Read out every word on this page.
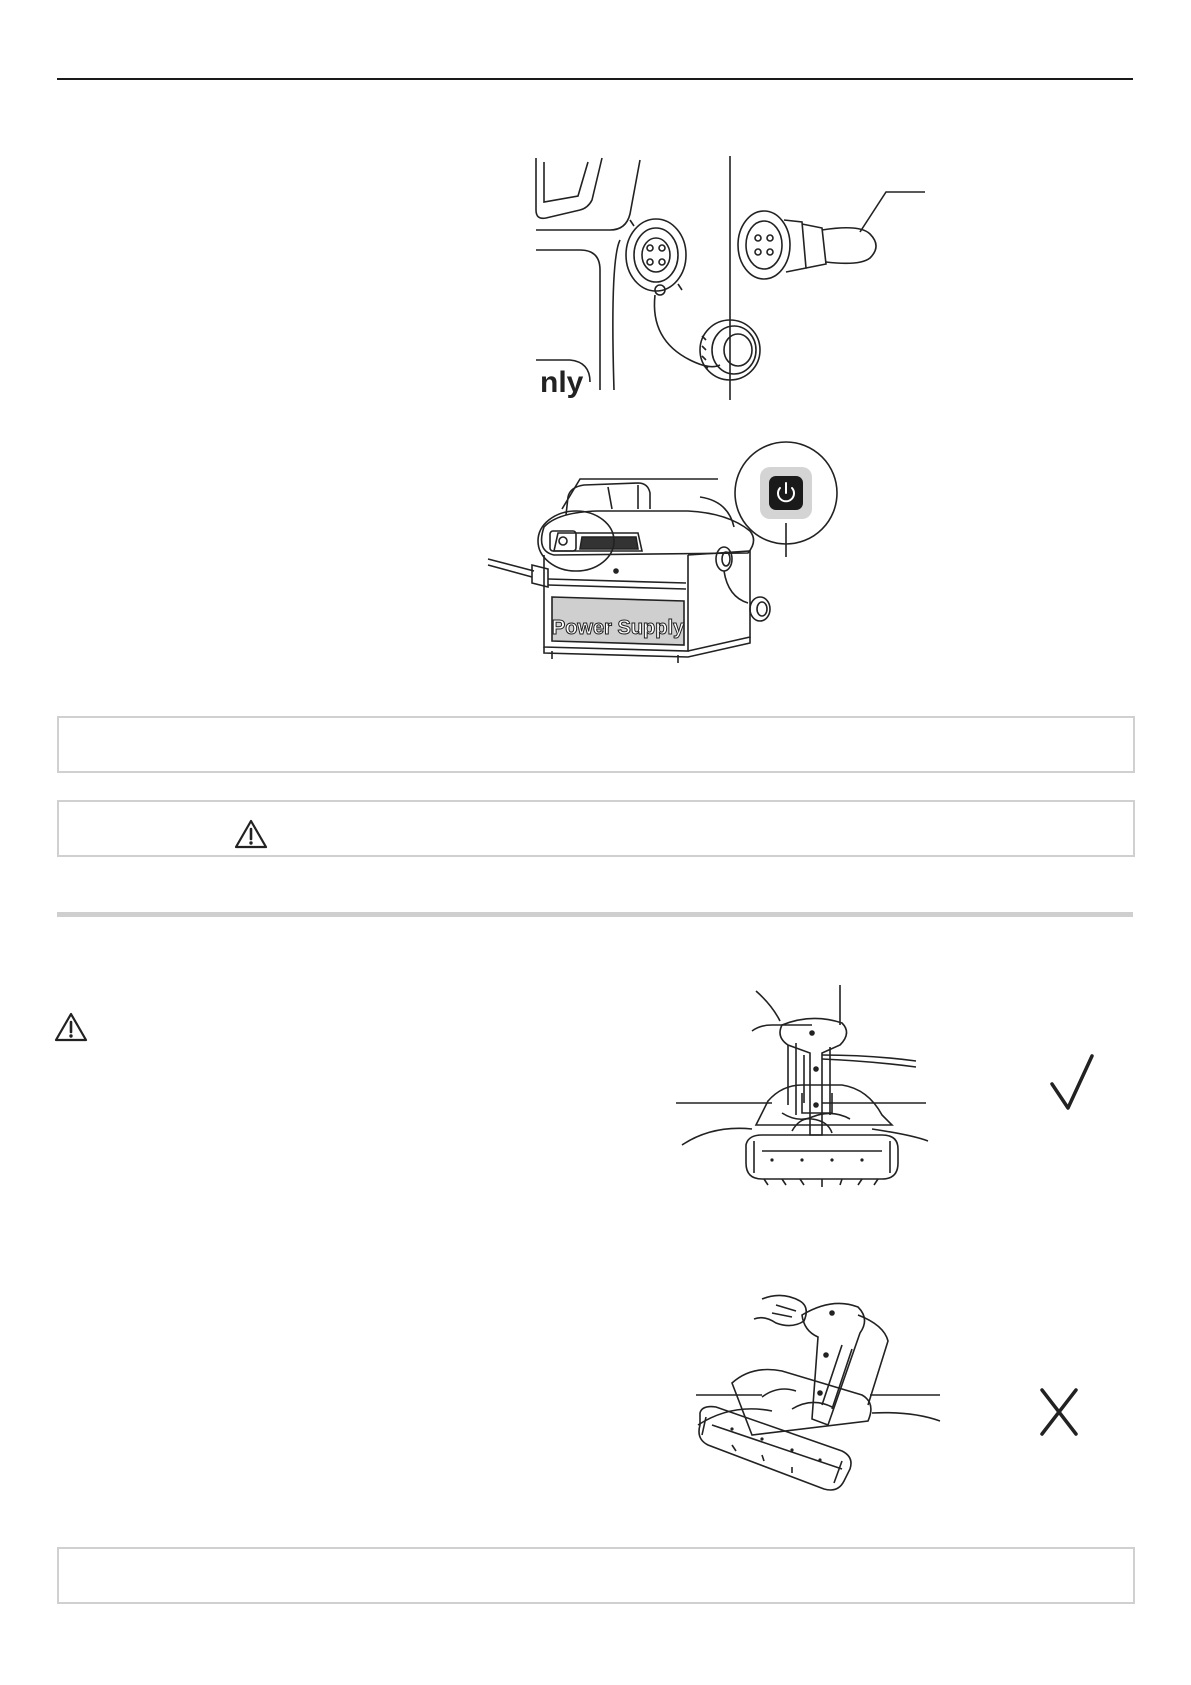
nly
Power Supply
